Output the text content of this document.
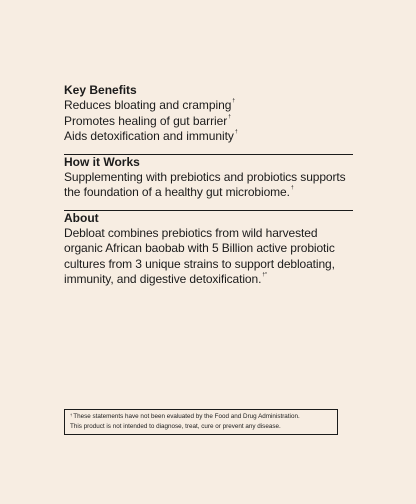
Key Benefits
Reduces bloating and cramping†
Promotes healing of gut barrier†
Aids detoxification and immunity†
How it Works
Supplementing with prebiotics and probiotics supports
the foundation of a healthy gut microbiome.†
About
Debloat combines prebiotics from wild harvested
organic African baobab with 5 Billion active probiotic
cultures from 3 unique strains to support debloating,
immunity, and digestive detoxification.†*
†These statements have not been evaluated by the Food and Drug Administration.
This product is not intended to diagnose, treat, cure or prevent any disease.
